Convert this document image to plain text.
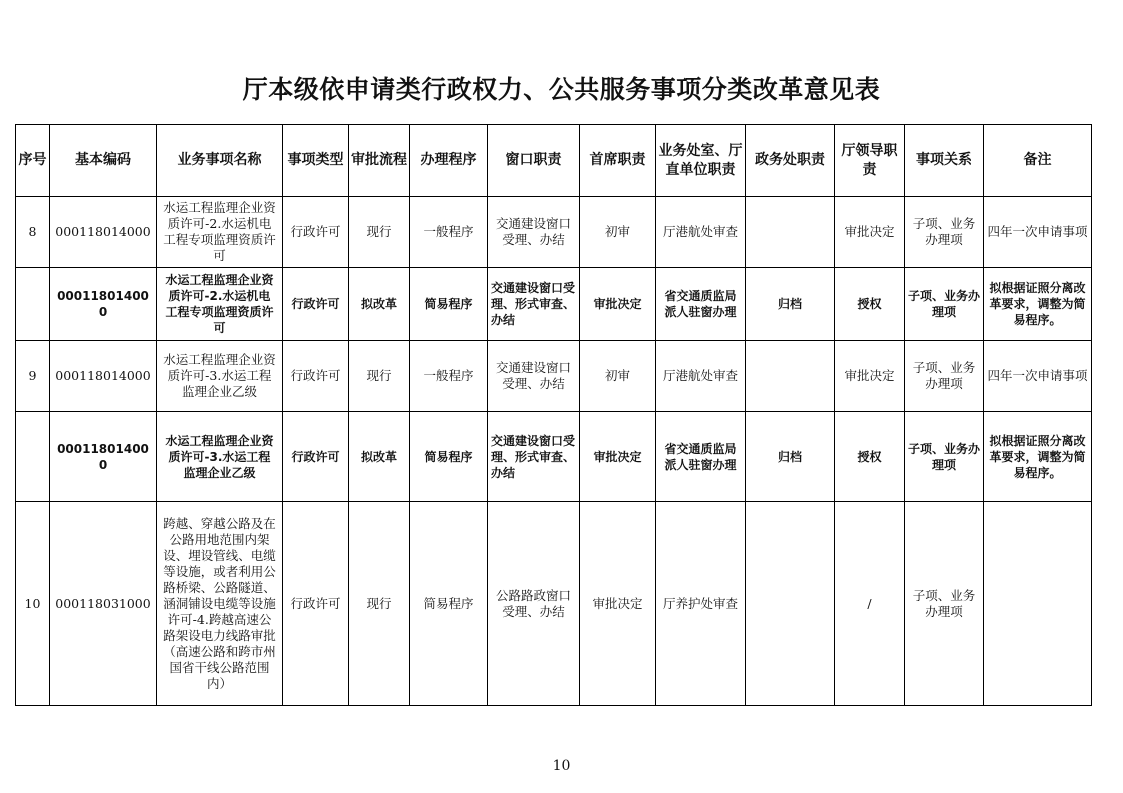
厅本级依申请类行政权力、公共服务事项分类改革意见表
序号	基本编码	业务事项名称	事项类型	审批流程	办理程序	窗口职责	首席职责	业务处室、厅直单位职责	政务处职责	厅领导职责	事项关系	备注
8	000118014000	水运工程监理企业资质许可-2.水运机电工程专项监理资质许可	行政许可	现行	一般程序	交通建设窗口受理、办结	初审	厅港航处审查		审批决定	子项、业务办理项	四年一次申请事项
	000118014000	水运工程监理企业资质许可-2.水运机电工程专项监理资质许可	行政许可	拟改革	简易程序	交通建设窗口受理、形式审查、办结	审批决定	省交通质监局派人驻窗办理	归档	授权	子项、业务办理项	拟根据证照分离改革要求，调整为简易程序。
9	000118014000	水运工程监理企业资质许可-3.水运工程监理企业乙级	行政许可	现行	一般程序	交通建设窗口受理、办结	初审	厅港航处审查		审批决定	子项、业务办理项	四年一次申请事项
	000118014000	水运工程监理企业资质许可-3.水运工程监理企业乙级	行政许可	拟改革	简易程序	交通建设窗口受理、形式审查、办结	审批决定	省交通质监局派人驻窗办理	归档	授权	子项、业务办理项	拟根据证照分离改革要求，调整为简易程序。
10	000118031000	跨越、穿越公路及在公路用地范围内架设、埋设管线、电缆等设施，或者利用公路桥梁、公路隧道、涵洞铺设电缆等设施许可-4.跨越高速公路架设电力线路审批（高速公路和跨市州国省干线公路范围内）	行政许可	现行	简易程序	公路路政窗口受理、办结	审批决定	厅养护处审查		/	子项、业务办理项	
10
